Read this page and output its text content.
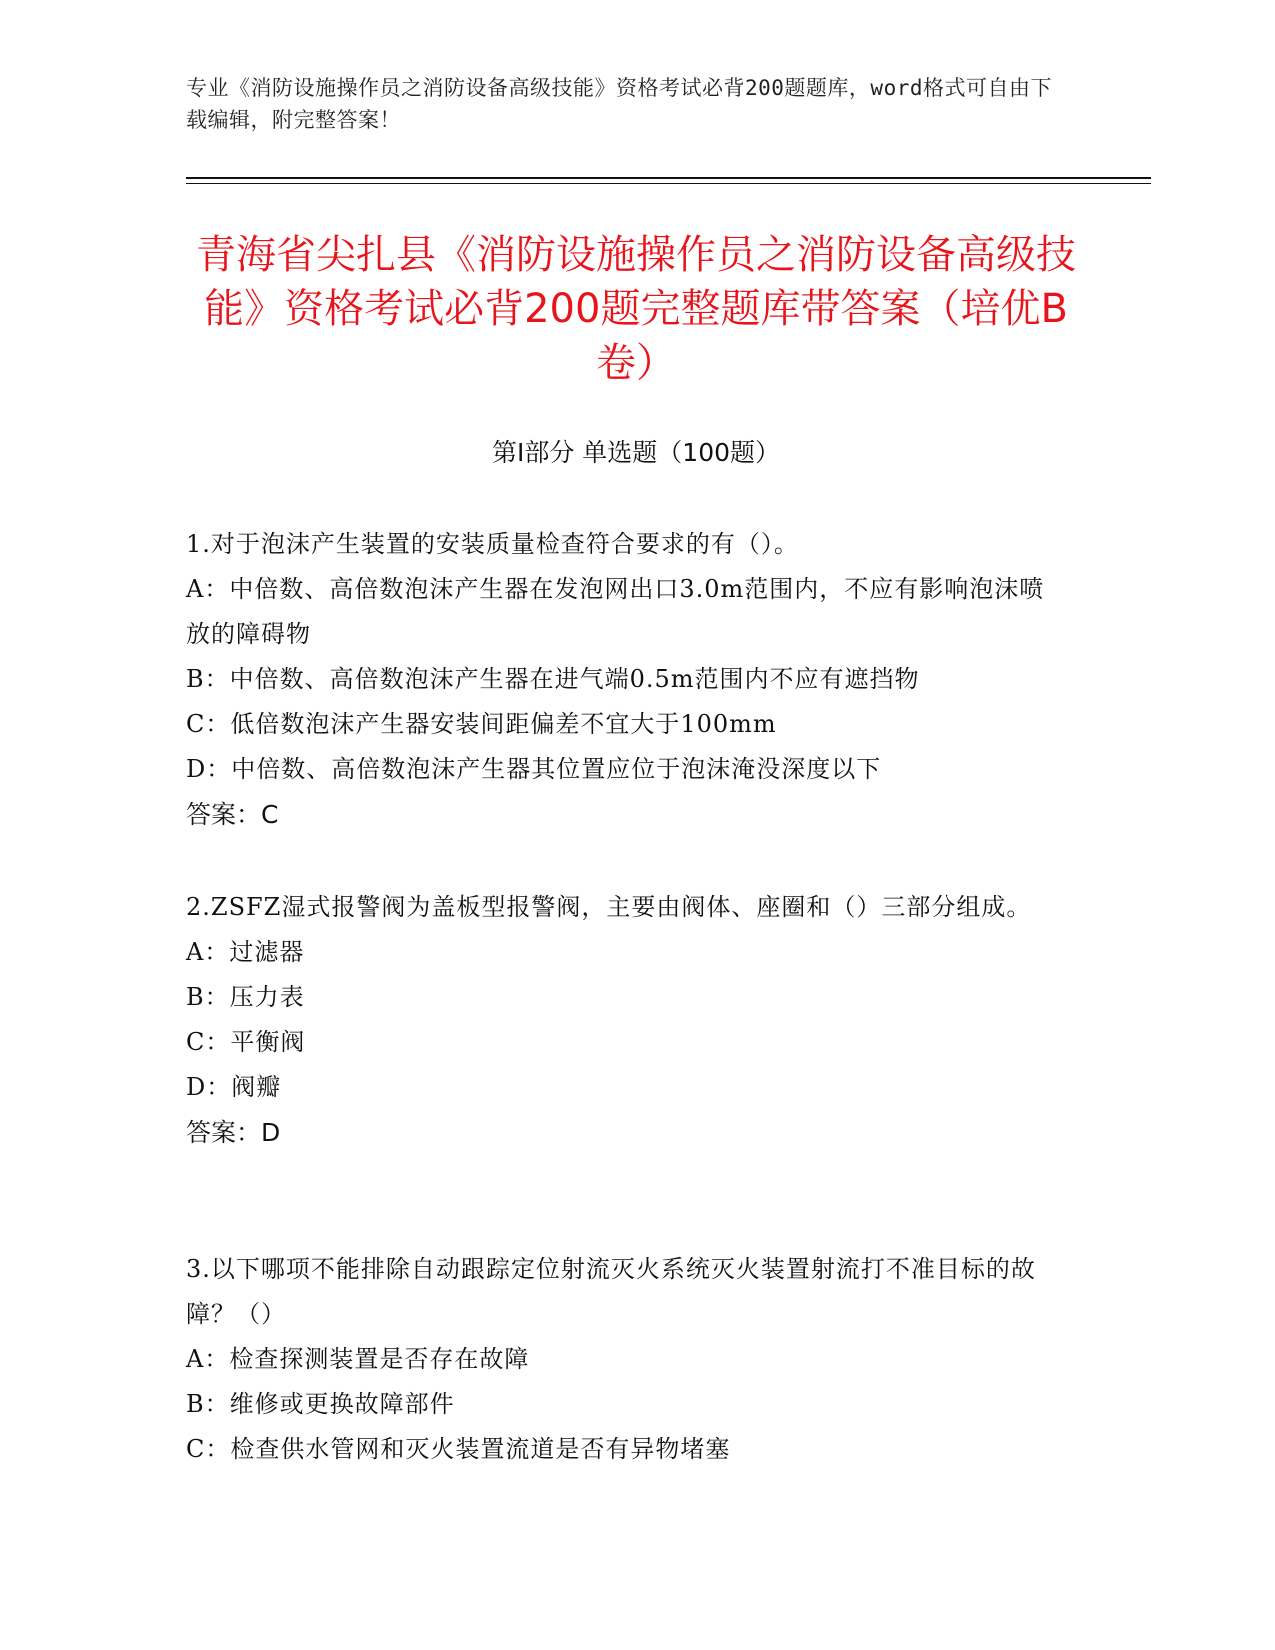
专业《消防设施操作员之消防设备高级技能》资格考试必背200题题库，word格式可自由下载编辑，附完整答案！
青海省尖扎县《消防设施操作员之消防设备高级技能》资格考试必背200题完整题库带答案（培优B卷）
第I部分 单选题（100题）
1.对于泡沫产生装置的安装质量检查符合要求的有（）。
A：中倍数、高倍数泡沫产生器在发泡网出口3.0m范围内，不应有影响泡沫喷放的障碍物
B：中倍数、高倍数泡沫产生器在进气端0.5m范围内不应有遮挡物
C：低倍数泡沫产生器安装间距偏差不宜大于100mm
D：中倍数、高倍数泡沫产生器其位置应位于泡沫淹没深度以下
答案：C
2.ZSFZ湿式报警阀为盖板型报警阀，主要由阀体、座圈和（）三部分组成。
A：过滤器
B：压力表
C：平衡阀
D：阀瓣
答案：D
3.以下哪项不能排除自动跟踪定位射流灭火系统灭火装置射流打不准目标的故障？（）
A：检查探测装置是否存在故障
B：维修或更换故障部件
C：检查供水管网和灭火装置流道是否有异物堵塞
